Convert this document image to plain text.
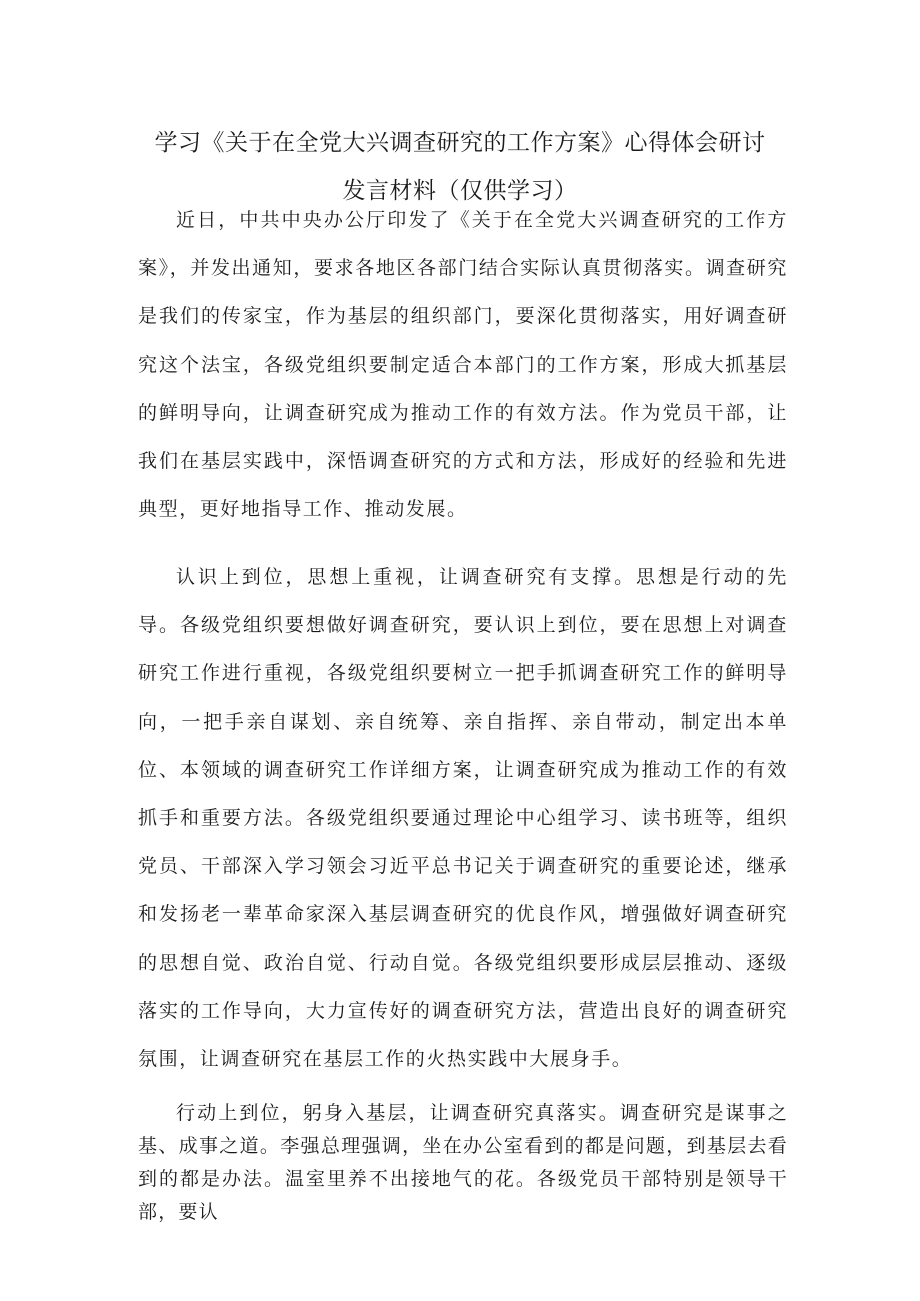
学习《关于在全党大兴调查研究的工作方案》心得体会研讨
发言材料（仅供学习）

近日，中共中央办公厅印发了《关于在全党大兴调查研究的工作方案》，并发出通知，要求各地区各部门结合实际认真贯彻落实。调查研究是我们的传家宝，作为基层的组织部门，要深化贯彻落实，用好调查研究这个法宝，各级党组织要制定适合本部门的工作方案，形成大抓基层的鲜明导向，让调查研究成为推动工作的有效方法。作为党员干部，让我们在基层实践中，深悟调查研究的方式和方法，形成好的经验和先进典型，更好地指导工作、推动发展。

认识上到位，思想上重视，让调查研究有支撑。思想是行动的先导。各级党组织要想做好调查研究，要认识上到位，要在思想上对调查研究工作进行重视，各级党组织要树立一把手抓调查研究工作的鲜明导向，一把手亲自谋划、亲自统筹、亲自指挥、亲自带动，制定出本单位、本领域的调查研究工作详细方案，让调查研究成为推动工作的有效抓手和重要方法。各级党组织要通过理论中心组学习、读书班等，组织党员、干部深入学习领会习近平总书记关于调查研究的重要论述，继承和发扬老一辈革命家深入基层调查研究的优良作风，增强做好调查研究的思想自觉、政治自觉、行动自觉。各级党组织要形成层层推动、逐级落实的工作导向，大力宣传好的调查研究方法，营造出良好的调查研究氛围，让调查研究在基层工作的火热实践中大展身手。

行动上到位，躬身入基层，让调查研究真落实。调查研究是谋事之基、成事之道。李强总理强调，坐在办公室看到的都是问题，到基层去看到的都是办法。温室里养不出接地气的花。各级党员干部特别是领导干部，要认
